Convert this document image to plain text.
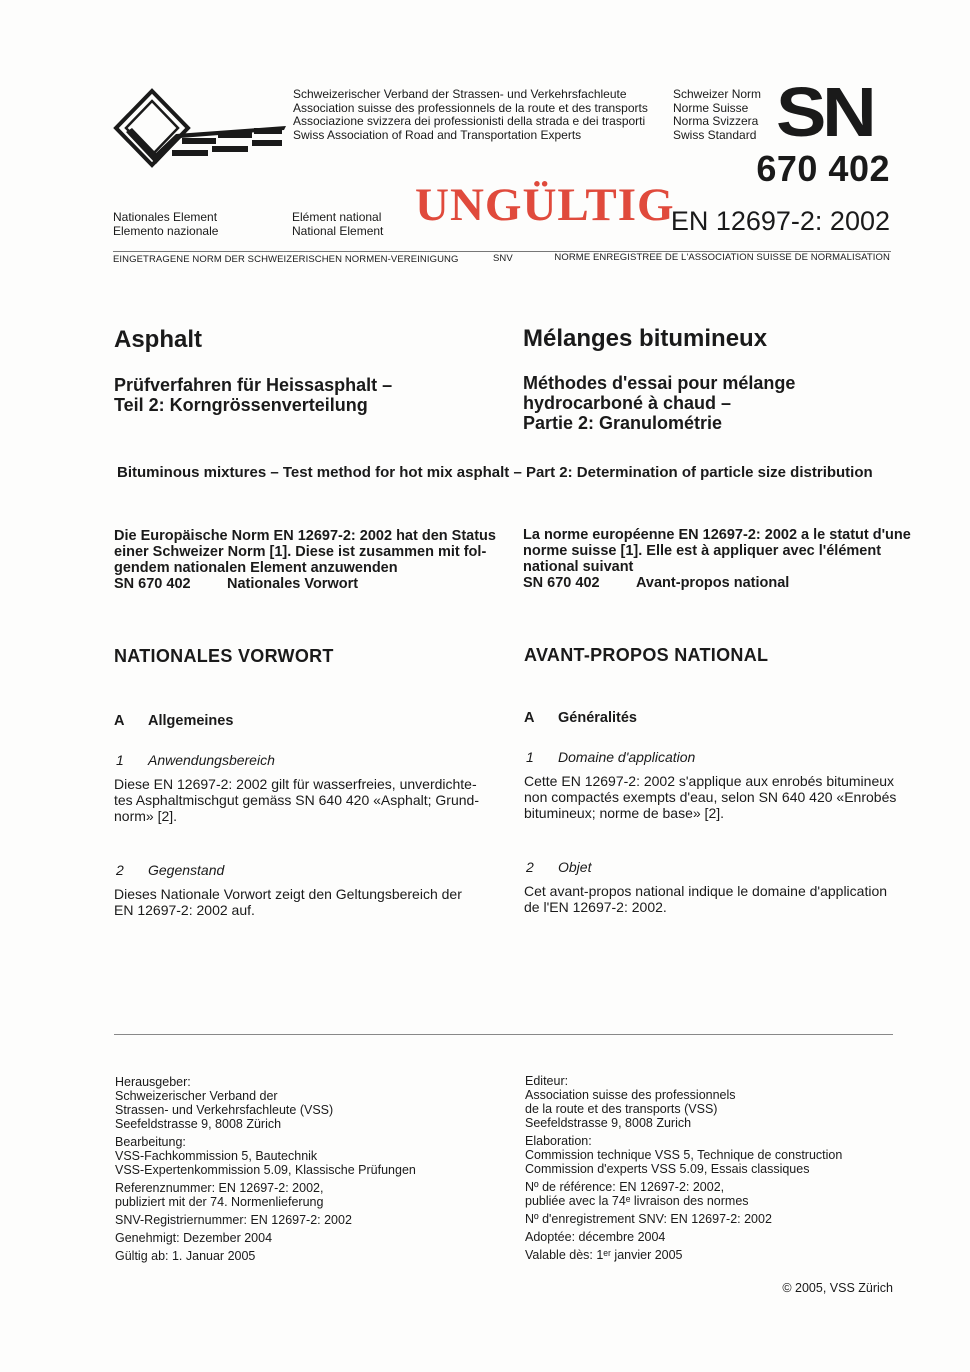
Schweizerischer Verband der Strassen- und Verkehrsfachleute
Association suisse des professionnels de la route et des transports
Associazione svizzera dei professionisti della strada e dei trasporti
Swiss Association of Road and Transportation Experts
Schweizer Norm
Norme Suisse
Norma Svizzera
Swiss Standard SN
670 402
Nationales Element
Elemento nazionale
Elément national
National Element UNGÜLTIG
EN 12697-2: 2002
EINGETRAGENE NORM DER SCHWEIZERISCHEN NORMEN-VEREINIGUNG	SNV	NORME ENREGISTREE DE L'ASSOCIATION SUISSE DE NORMALISATION
Asphalt
Prüfverfahren für Heissasphalt –
Teil 2: Korngrössenverteilung
Mélanges bitumineux
Méthodes d'essai pour mélange
hydrocarboné à chaud –
Partie 2: Granulométrie
Bituminous mixtures – Test method for hot mix asphalt – Part 2: Determination of particle size distribution
Die Europäische Norm EN 12697-2: 2002 hat den Status
einer Schweizer Norm [1]. Diese ist zusammen mit fol-
gendem nationalen Element anzuwenden
SN 670 402	Nationales Vorwort
La norme européenne EN 12697-2: 2002 a le statut d'une
norme suisse [1]. Elle est à appliquer avec l'élément
national suivant
SN 670 402	Avant-propos national
NATIONALES VORWORT
A Allgemeines
1 Anwendungsbereich
Diese EN 12697-2: 2002 gilt für wasserfreies, unverdichte-
tes Asphaltmischgut gemäss SN 640 420 «Asphalt; Grund-
norm» [2].
2 Gegenstand
Dieses Nationale Vorwort zeigt den Geltungsbereich der
EN 12697-2: 2002 auf.
AVANT-PROPOS NATIONAL
A Généralités
1 Domaine d'application
Cette EN 12697-2: 2002 s'applique aux enrobés bitumineux
non compactés exempts d'eau, selon SN 640 420 «Enrobés
bitumineux; norme de base» [2].
2 Objet
Cet avant-propos national indique le domaine d'application
de l'EN 12697-2: 2002.

Herausgeber:
Schweizerischer Verband der
Strassen- und Verkehrsfachleute (VSS)
Seefeldstrasse 9, 8008 Zürich

Bearbeitung:
VSS-Fachkommission 5, Bautechnik
VSS-Expertenkommission 5.09, Klassische Prüfungen

Referenznummer: EN 12697-2: 2002,
publiziert mit der 74. Normenlieferung

SNV-Registriernummer: EN 12697-2: 2002

Genehmigt: Dezember 2004

Gültig ab: 1. Januar 2005

Editeur:
Association suisse des professionnels
de la route et des transports (VSS)
Seefeldstrasse 9, 8008 Zurich

Elaboration:
Commission technique VSS 5, Technique de construction
Commission d'experts VSS 5.09, Essais classiques

Nº de référence: EN 12697-2: 2002,
publiée avec la 74ᵉ livraison des normes

Nº d'enregistrement SNV: EN 12697-2: 2002

Adoptée: décembre 2004

Valable dès: 1ᵉʳ janvier 2005

© 2005, VSS Zürich
